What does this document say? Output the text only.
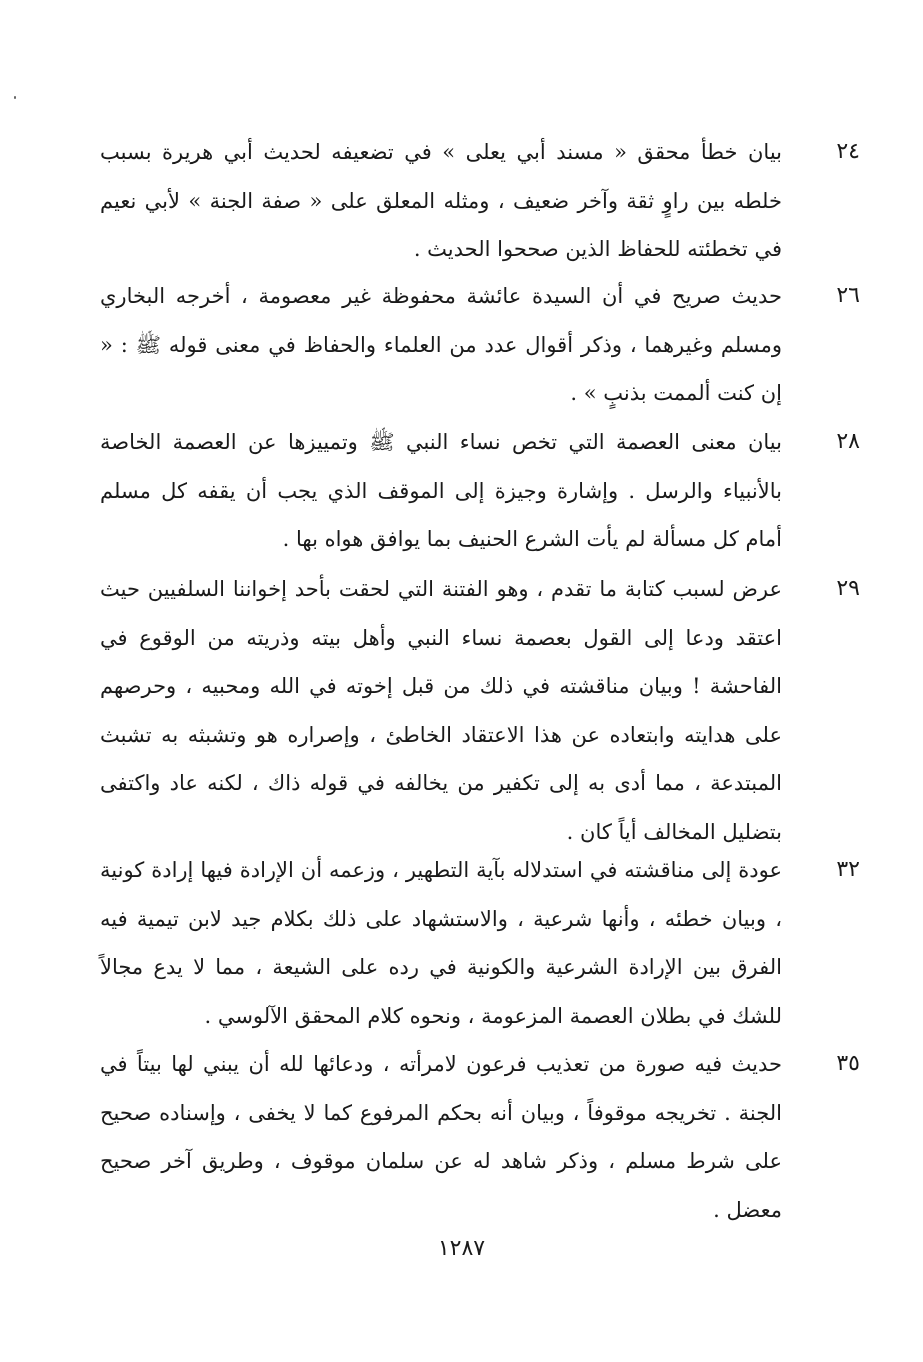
٢٤
بيان خطأ محقق « مسند أبي يعلى » في تضعيفه لحديث أبي هريرة بسبب خلطه بين راوٍ ثقة وآخر ضعيف ، ومثله المعلق على « صفة الجنة » لأبي نعيم في تخطئته للحفاظ الذين صححوا الحديث .
٢٦
حديث صريح في أن السيدة عائشة محفوظة غير معصومة ، أخرجه البخاري ومسلم وغيرهما ، وذكر أقوال عدد من العلماء والحفاظ في معنى قوله ﷺ : « إن كنت ألممت بذنبٍ » .
٢٨
بيان معنى العصمة التي تخص نساء النبي ﷺ وتمييزها عن العصمة الخاصة بالأنبياء والرسل . وإشارة وجيزة إلى الموقف الذي يجب أن يقفه كل مسلم أمام كل مسألة لم يأت الشرع الحنيف بما يوافق هواه بها .
٢٩
عرض لسبب كتابة ما تقدم ، وهو الفتنة التي لحقت بأحد إخواننا السلفيين حيث اعتقد ودعا إلى القول بعصمة نساء النبي وأهل بيته وذريته من الوقوع في الفاحشة ! وبيان مناقشته في ذلك من قبل إخوته في الله ومحبيه ، وحرصهم على هدايته وابتعاده عن هذا الاعتقاد الخاطئ ، وإصراره هو وتشبثه به تشبث المبتدعة ، مما أدى به إلى تكفير من يخالفه في قوله ذاك ، لكنه عاد واكتفى بتضليل المخالف أياً كان .
٣٢
عودة إلى مناقشته في استدلاله بآية التطهير ، وزعمه أن الإرادة فيها إرادة كونية ، وبيان خطئه ، وأنها شرعية ، والاستشهاد على ذلك بكلام جيد لابن تيمية فيه الفرق بين الإرادة الشرعية والكونية في رده على الشيعة ، مما لا يدع مجالاً للشك في بطلان العصمة المزعومة ، ونحوه كلام المحقق الآلوسي .
٣٥
حديث فيه صورة من تعذيب فرعون لامرأته ، ودعائها لله أن يبني لها بيتاً في الجنة . تخريجه موقوفاً ، وبيان أنه بحكم المرفوع كما لا يخفى ، وإسناده صحيح على شرط مسلم ، وذكر شاهد له عن سلمان موقوف ، وطريق آخر صحيح معضل .
١٢٨٧
